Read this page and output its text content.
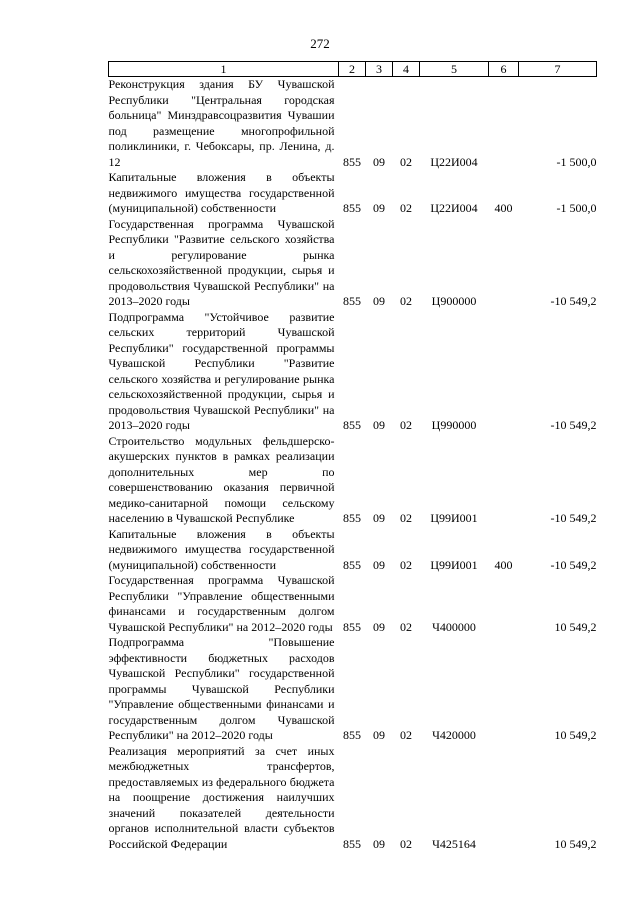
272
1	2	3	4	5	6	7
Реконструкция здания БУ Чувашской Республики "Центральная городская больница" Минздравсоцразвития Чувашии под размещение многопрофильной поликлиники, г. Чебоксары, пр. Ленина, д. 12	855	09	02	Ц22И004		-1 500,0
Капитальные вложения в объекты недвижимого имущества государственной (муниципальной) собственности	855	09	02	Ц22И004	400	-1 500,0
Государственная программа Чувашской Республики "Развитие сельского хозяйства и регулирование рынка сельскохозяйственной продукции, сырья и продовольствия Чувашской Республики" на 2013–2020 годы	855	09	02	Ц900000		-10 549,2
Подпрограмма "Устойчивое развитие сельских территорий Чувашской Республики" государственной программы Чувашской Республики "Развитие сельского хозяйства и регулирование рынка сельскохозяйственной продукции, сырья и продовольствия Чувашской Республики" на 2013–2020 годы	855	09	02	Ц990000		-10 549,2
Строительство модульных фельдшерско-акушерских пунктов в рамках реализации дополнительных мер по совершенствованию оказания первичной медико-санитарной помощи сельскому населению в Чувашской Республике	855	09	02	Ц99И001		-10 549,2
Капитальные вложения в объекты недвижимого имущества государственной (муниципальной) собственности	855	09	02	Ц99И001	400	-10 549,2
Государственная программа Чувашской Республики "Управление общественными финансами и государственным долгом Чувашской Республики" на 2012–2020 годы	855	09	02	Ч400000		10 549,2
Подпрограмма "Повышение эффективности бюджетных расходов Чувашской Республики" государственной программы Чувашской Республики "Управление общественными финансами и государственным долгом Чувашской Республики" на 2012–2020 годы	855	09	02	Ч420000		10 549,2
Реализация мероприятий за счет иных межбюджетных трансфертов, предоставляемых из федерального бюджета на поощрение достижения наилучших значений показателей деятельности органов исполнительной власти субъектов Российской Федерации	855	09	02	Ч425164		10 549,2
